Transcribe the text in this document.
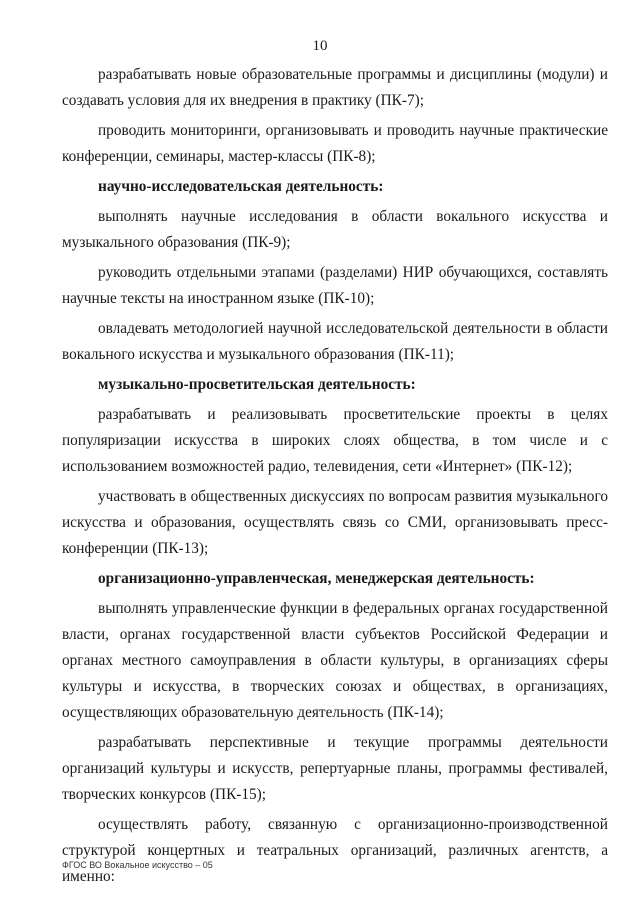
10

разрабатывать новые образовательные программы и дисциплины (модули) и создавать условия для их внедрения в практику (ПК-7);

проводить мониторинги, организовывать и проводить научные практические конференции, семинары, мастер-классы (ПК-8);

научно-исследовательская деятельность:

выполнять научные исследования в области вокального искусства и музыкального образования (ПК-9);

руководить отдельными этапами (разделами) НИР обучающихся, составлять научные тексты на иностранном языке (ПК-10);

овладевать методологией научной исследовательской деятельности в области вокального искусства и музыкального образования (ПК-11);

музыкально-просветительская деятельность:

разрабатывать и реализовывать просветительские проекты в целях популяризации искусства в широких слоях общества, в том числе и с использованием возможностей радио, телевидения, сети «Интернет» (ПК-12);

участвовать в общественных дискуссиях по вопросам развития музыкального искусства и образования, осуществлять связь со СМИ, организовывать пресс-конференции (ПК-13);

организационно-управленческая, менеджерская деятельность:

выполнять управленческие функции в федеральных органах государственной власти, органах государственной власти субъектов Российской Федерации и органах местного самоуправления в области культуры, в организациях сферы культуры и искусства, в творческих союзах и обществах, в организациях, осуществляющих образовательную деятельность (ПК-14);

разрабатывать перспективные и текущие программы деятельности организаций культуры и искусств, репертуарные планы, программы фестивалей, творческих конкурсов (ПК-15);

осуществлять работу, связанную с организационно-производственной структурой концертных и театральных организаций, различных агентств, а именно:

ФГОС ВО Вокальное искусство – 05
